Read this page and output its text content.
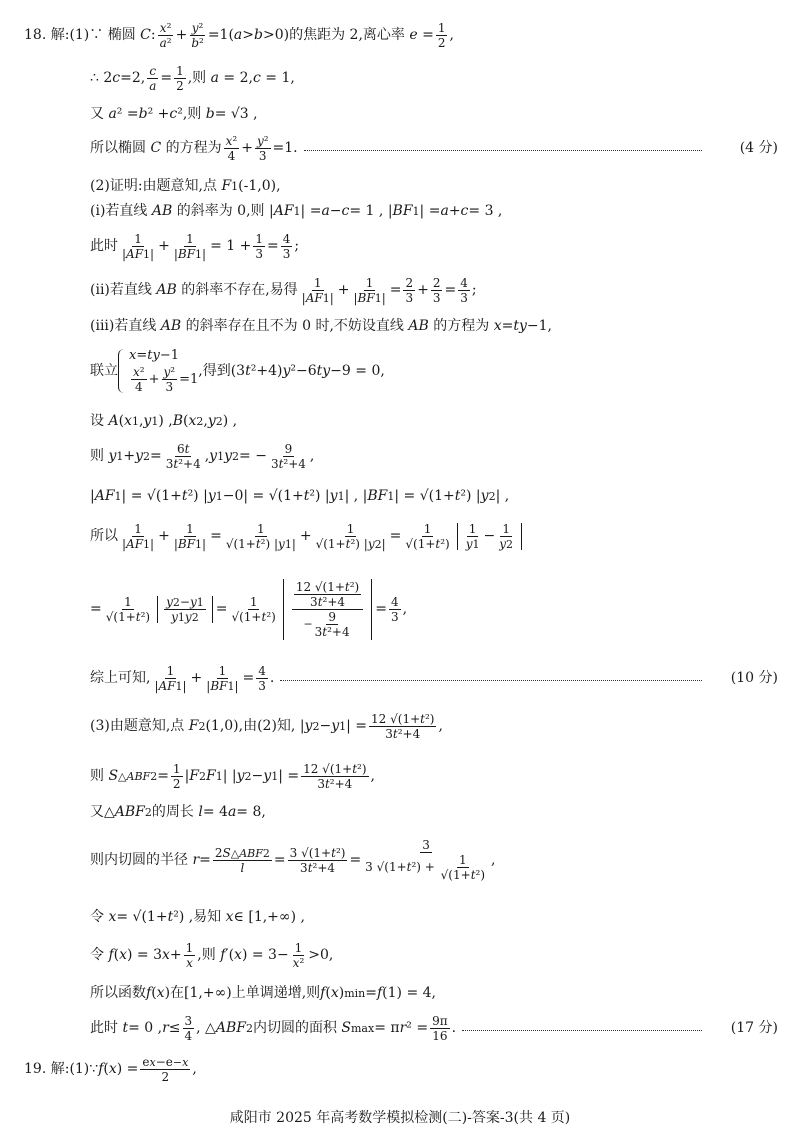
18. 解: (1)∵ 椭圆 C : $\frac{\text{x²}}{\text{a²}} + \frac{\text{y²}}{\text{b²}} =1$( a > b >0)的焦距为 2,离心率 $e = \frac{1}{2}$ ,
∴ 2 c =2, $\frac{c}{a} = \frac{1}{2}$ ,则 a = 2, c = 1,
又 a ² = b ² + c ²,则 b = √3 ,
所以椭圆 C 的方程为 $\frac{\text{x²}}{4} + \frac{\text{y²}}{3} =1$.	(4 分)
(2)证明:由题意知,点 F 1 (-1,0),
(i)若直线 AB 的斜率为 0,则 | AF 1 | = a − c = 1 , | BF 1 | = a + c = 3 ,
此时 $\frac{1}{|AF1|} + \frac{1}{|BF1|} = 1 + \frac{1}{3} = \frac{4}{3}$ ;
(ii)若直线 AB 的斜率不存在,易得 $\frac{1}{|AF1|} + \frac{1}{|BF1|} = \frac{2}{3} + \frac{2}{3} = \frac{4}{3}$ ;
(iii)若直线 AB 的斜率存在且不为 0 时,不妨设直线 AB 的方程为 x = ty −1,
联立
x=ty−1
$\frac{\text{x²}}{4} + \frac{\text{y²}}{3} =1$
,得到(3 t ²+4) y ²−6 ty −9 = 0,
设 A ( x 1 , y 1 ) , B ( x 2 , y 2 ) ,
则 y 1 + y $2 = \frac{6t}{\text{3t²+4}}$ , y 1 y 2 = − $\frac{9}{\text{3t²+4}}$ ,
| AF 1 | = √(1+ t ²) | y 1 −0| = √(1+ t ²) | y 1 | , | BF 1 | = √(1+ t ²) | y 2 | ,
所以 $\frac{1}{|AF1|} + \frac{1}{|BF1|} = \frac{1}{\text{√(1+t²) |y1|}} + \frac{1}{\text{√(1+t²) |y2|}} = \frac{1}{\text{√(1+t²)}} \frac{1}{y1} - \frac{1}{y2}$
= $\frac{1}{\text{√(1+t²)}} \frac{y2-y1}{y1y2} = \frac{1}{\text{√(1+t²)}} \frac{\frac{\text{12 √(1+t²)}}{\text{3t²+4}}}{- \frac{9}{\text{3t²+4}}} = \frac{4}{3}$ ,
综上可知, $\frac{1}{|AF1|} + \frac{1}{|BF1|} = \frac{4}{3}$ .	(10 分)
(3)由题意知,点 F 2 (1,0),由(2)知, | y 2 − y 1 | = $\frac{\text{12 √(1+t²)}}{\text{3t²+4}}$ ,
则 S △ABF2 = $\frac{1}{2}$ | F 2 F 1 | | y 2 − y 1 | = $\frac{\text{12 √(1+t²)}}{\text{3t²+4}}$ ,
又△ ABF 2 的周长 l = 4 a = 8,
则内切圆的半径 $r = \frac{\text{2S△ABF2}}{l} = \frac{\text{3 √(1+t²)}}{\text{3t²+4}} = \frac{3}{3 √(1+t^2) + \frac{1}{\text{√(1+t²)}}}$ ,
令 x = √(1+ t ²) ,易知 x ∈ [1,+∞) ,
令 f ( x ) = 3 $x + \frac{1}{x}$ ,则 f ′( x ) = $3- \frac{1}{\text{x²}} >0$,
所以函数 f ( x )在[1,+∞)上单调递增,则 f ( x ) min = f (1) = 4,
此时 t = 0 , $r \le \frac{3}{4}$ , △ ABF 2 内切圆的面积 S max = π r $^2 = \frac{9\pi}{16}$ .	(17 分)
19. 解: (1)∵ f ( x ) = $\frac{ex-e-x}{2}$ ,
咸阳市 2025 年高考数学模拟检测(二)-答案-3(共 4 页)
